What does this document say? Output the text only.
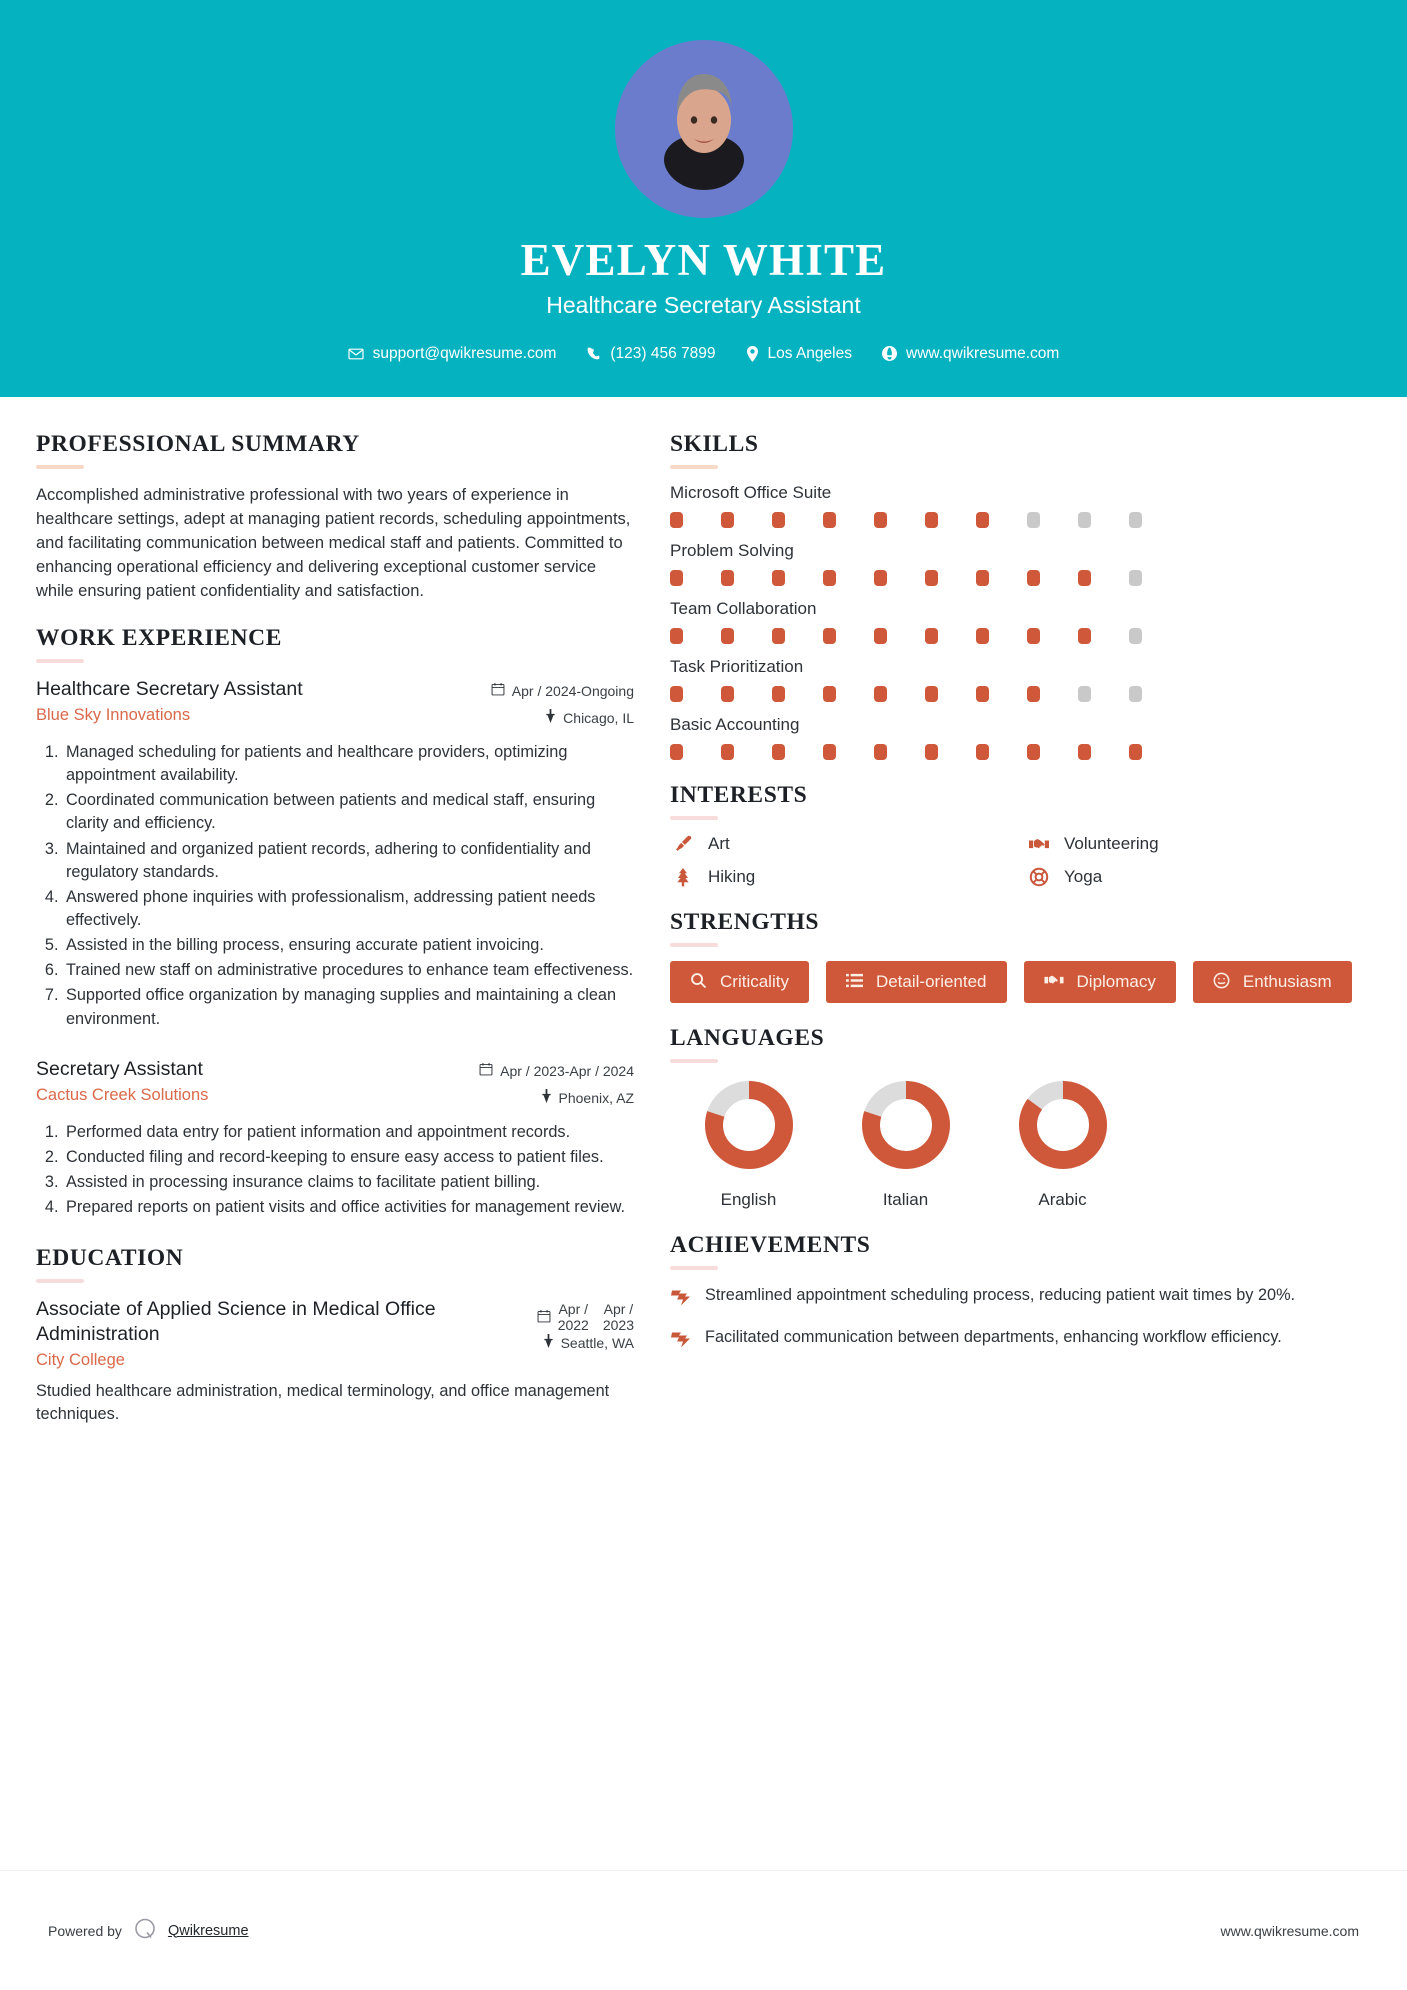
EVELYN WHITE
Healthcare Secretary Assistant
support@qwikresume.com	(123) 456 7899	Los Angeles	www.qwikresume.com
PROFESSIONAL SUMMARY
Accomplished administrative professional with two years of experience in healthcare settings, adept at managing patient records, scheduling appointments, and facilitating communication between medical staff and patients. Committed to enhancing operational efficiency and delivering exceptional customer service while ensuring patient confidentiality and satisfaction.
WORK EXPERIENCE
Healthcare Secretary Assistant
Blue Sky Innovations
Apr / 2024-Ongoing
Chicago, IL
1. Managed scheduling for patients and healthcare providers, optimizing appointment availability.
2. Coordinated communication between patients and medical staff, ensuring clarity and efficiency.
3. Maintained and organized patient records, adhering to confidentiality and regulatory standards.
4. Answered phone inquiries with professionalism, addressing patient needs effectively.
5. Assisted in the billing process, ensuring accurate patient invoicing.
6. Trained new staff on administrative procedures to enhance team effectiveness.
7. Supported office organization by managing supplies and maintaining a clean environment.
Secretary Assistant
Cactus Creek Solutions
Apr / 2023-Apr / 2024
Phoenix, AZ
1. Performed data entry for patient information and appointment records.
2. Conducted filing and record-keeping to ensure easy access to patient files.
3. Assisted in processing insurance claims to facilitate patient billing.
4. Prepared reports on patient visits and office activities for management review.
EDUCATION
Associate of Applied Science in Medical Office Administration
City College
Apr /
2022
Apr /
2023
Seattle, WA
Studied healthcare administration, medical terminology, and office management techniques.
SKILLS
Microsoft Office Suite
Problem Solving
Team Collaboration
Task Prioritization
Basic Accounting
INTERESTS
Art	Volunteering
Hiking	Yoga
STRENGTHS
Criticality	Detail-oriented	Diplomacy	Enthusiasm
LANGUAGES
English	Italian	Arabic
ACHIEVEMENTS
Streamlined appointment scheduling process, reducing patient wait times by 20%.
Facilitated communication between departments, enhancing workflow efficiency.
Powered by	Qwikresume	www.qwikresume.com
